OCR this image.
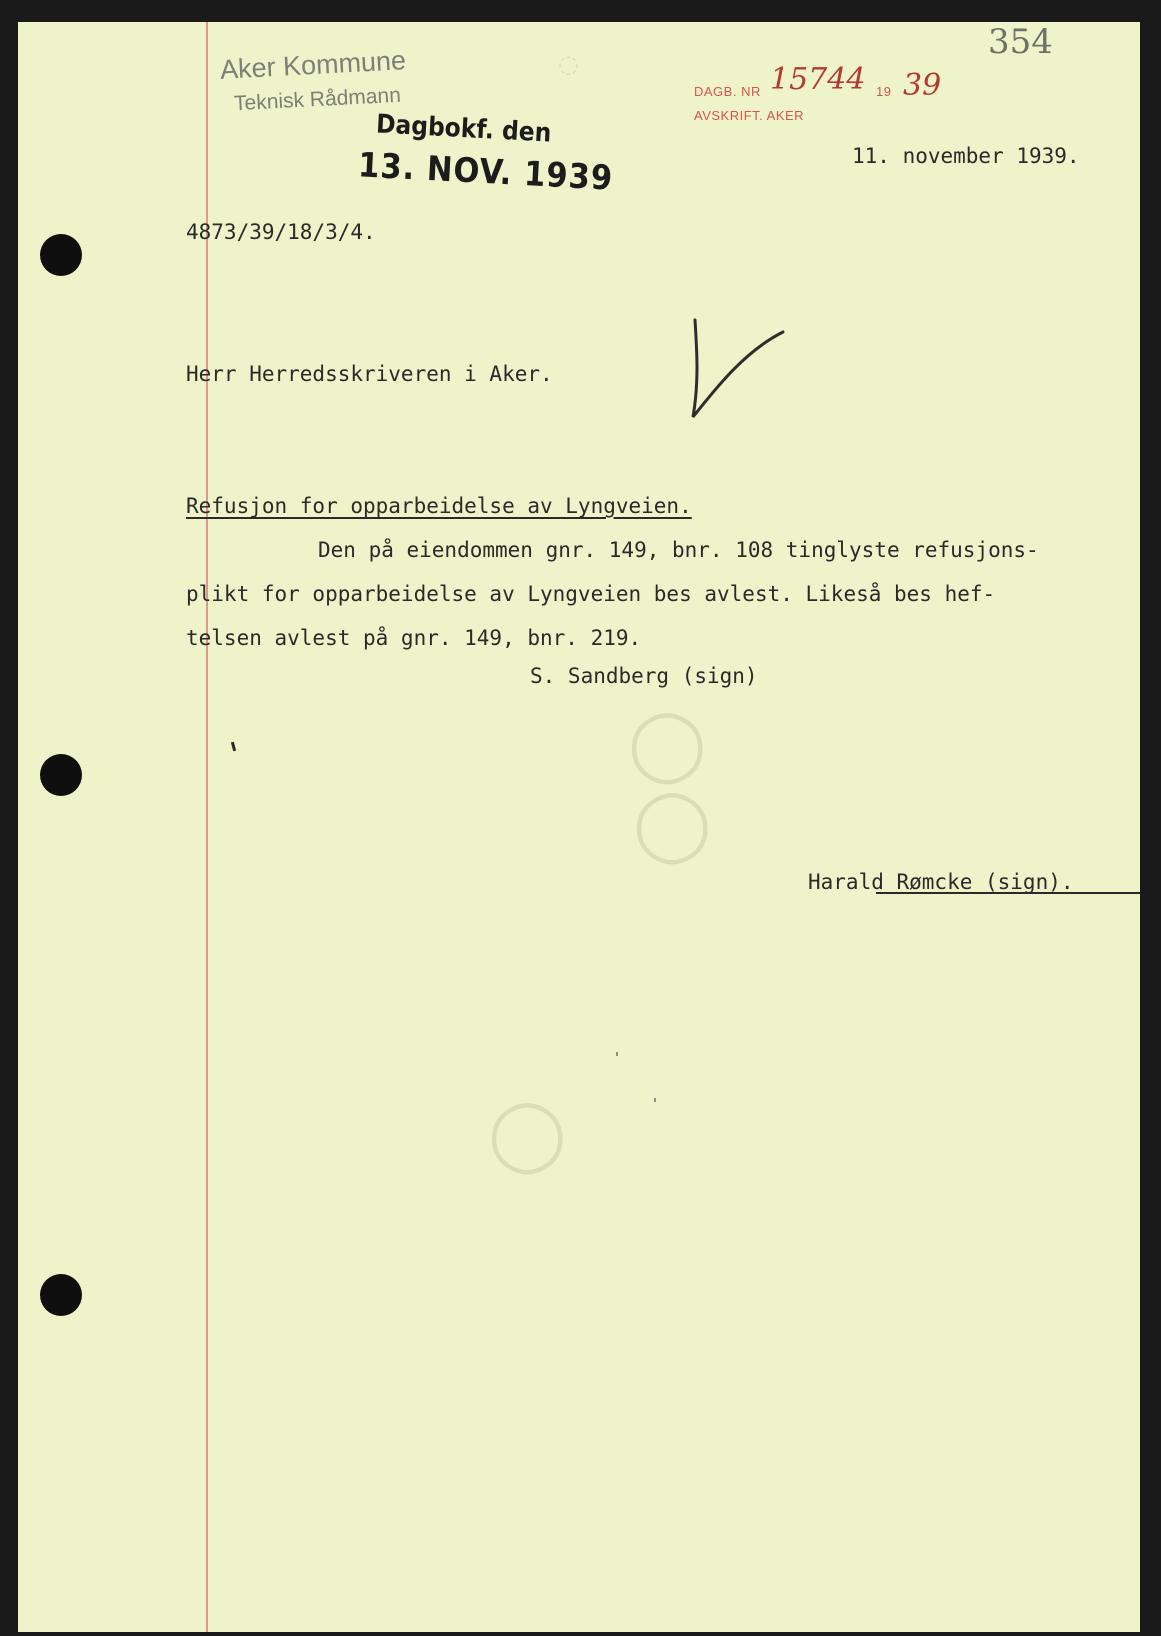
◌
◯
◯
◯
Aker Kommune
Teknisk Rådmann
Dagbokf. den
13. NOV. 1939
DAGB. NR 15744 19 39
AVSKRIFT. AKER
354
11. november 1939.
4873/39/18/3/4.
Herr Herredsskriveren i Aker.
Refusjon for opparbeidelse av Lyngveien.
Den på eiendommen gnr. 149, bnr. 108 tinglyste refusjons-
plikt for opparbeidelse av Lyngveien bes avlest. Likeså bes hef-
telsen avlest på gnr. 149, bnr. 219.
S. Sandberg (sign)
Harald Rømcke (sign).
